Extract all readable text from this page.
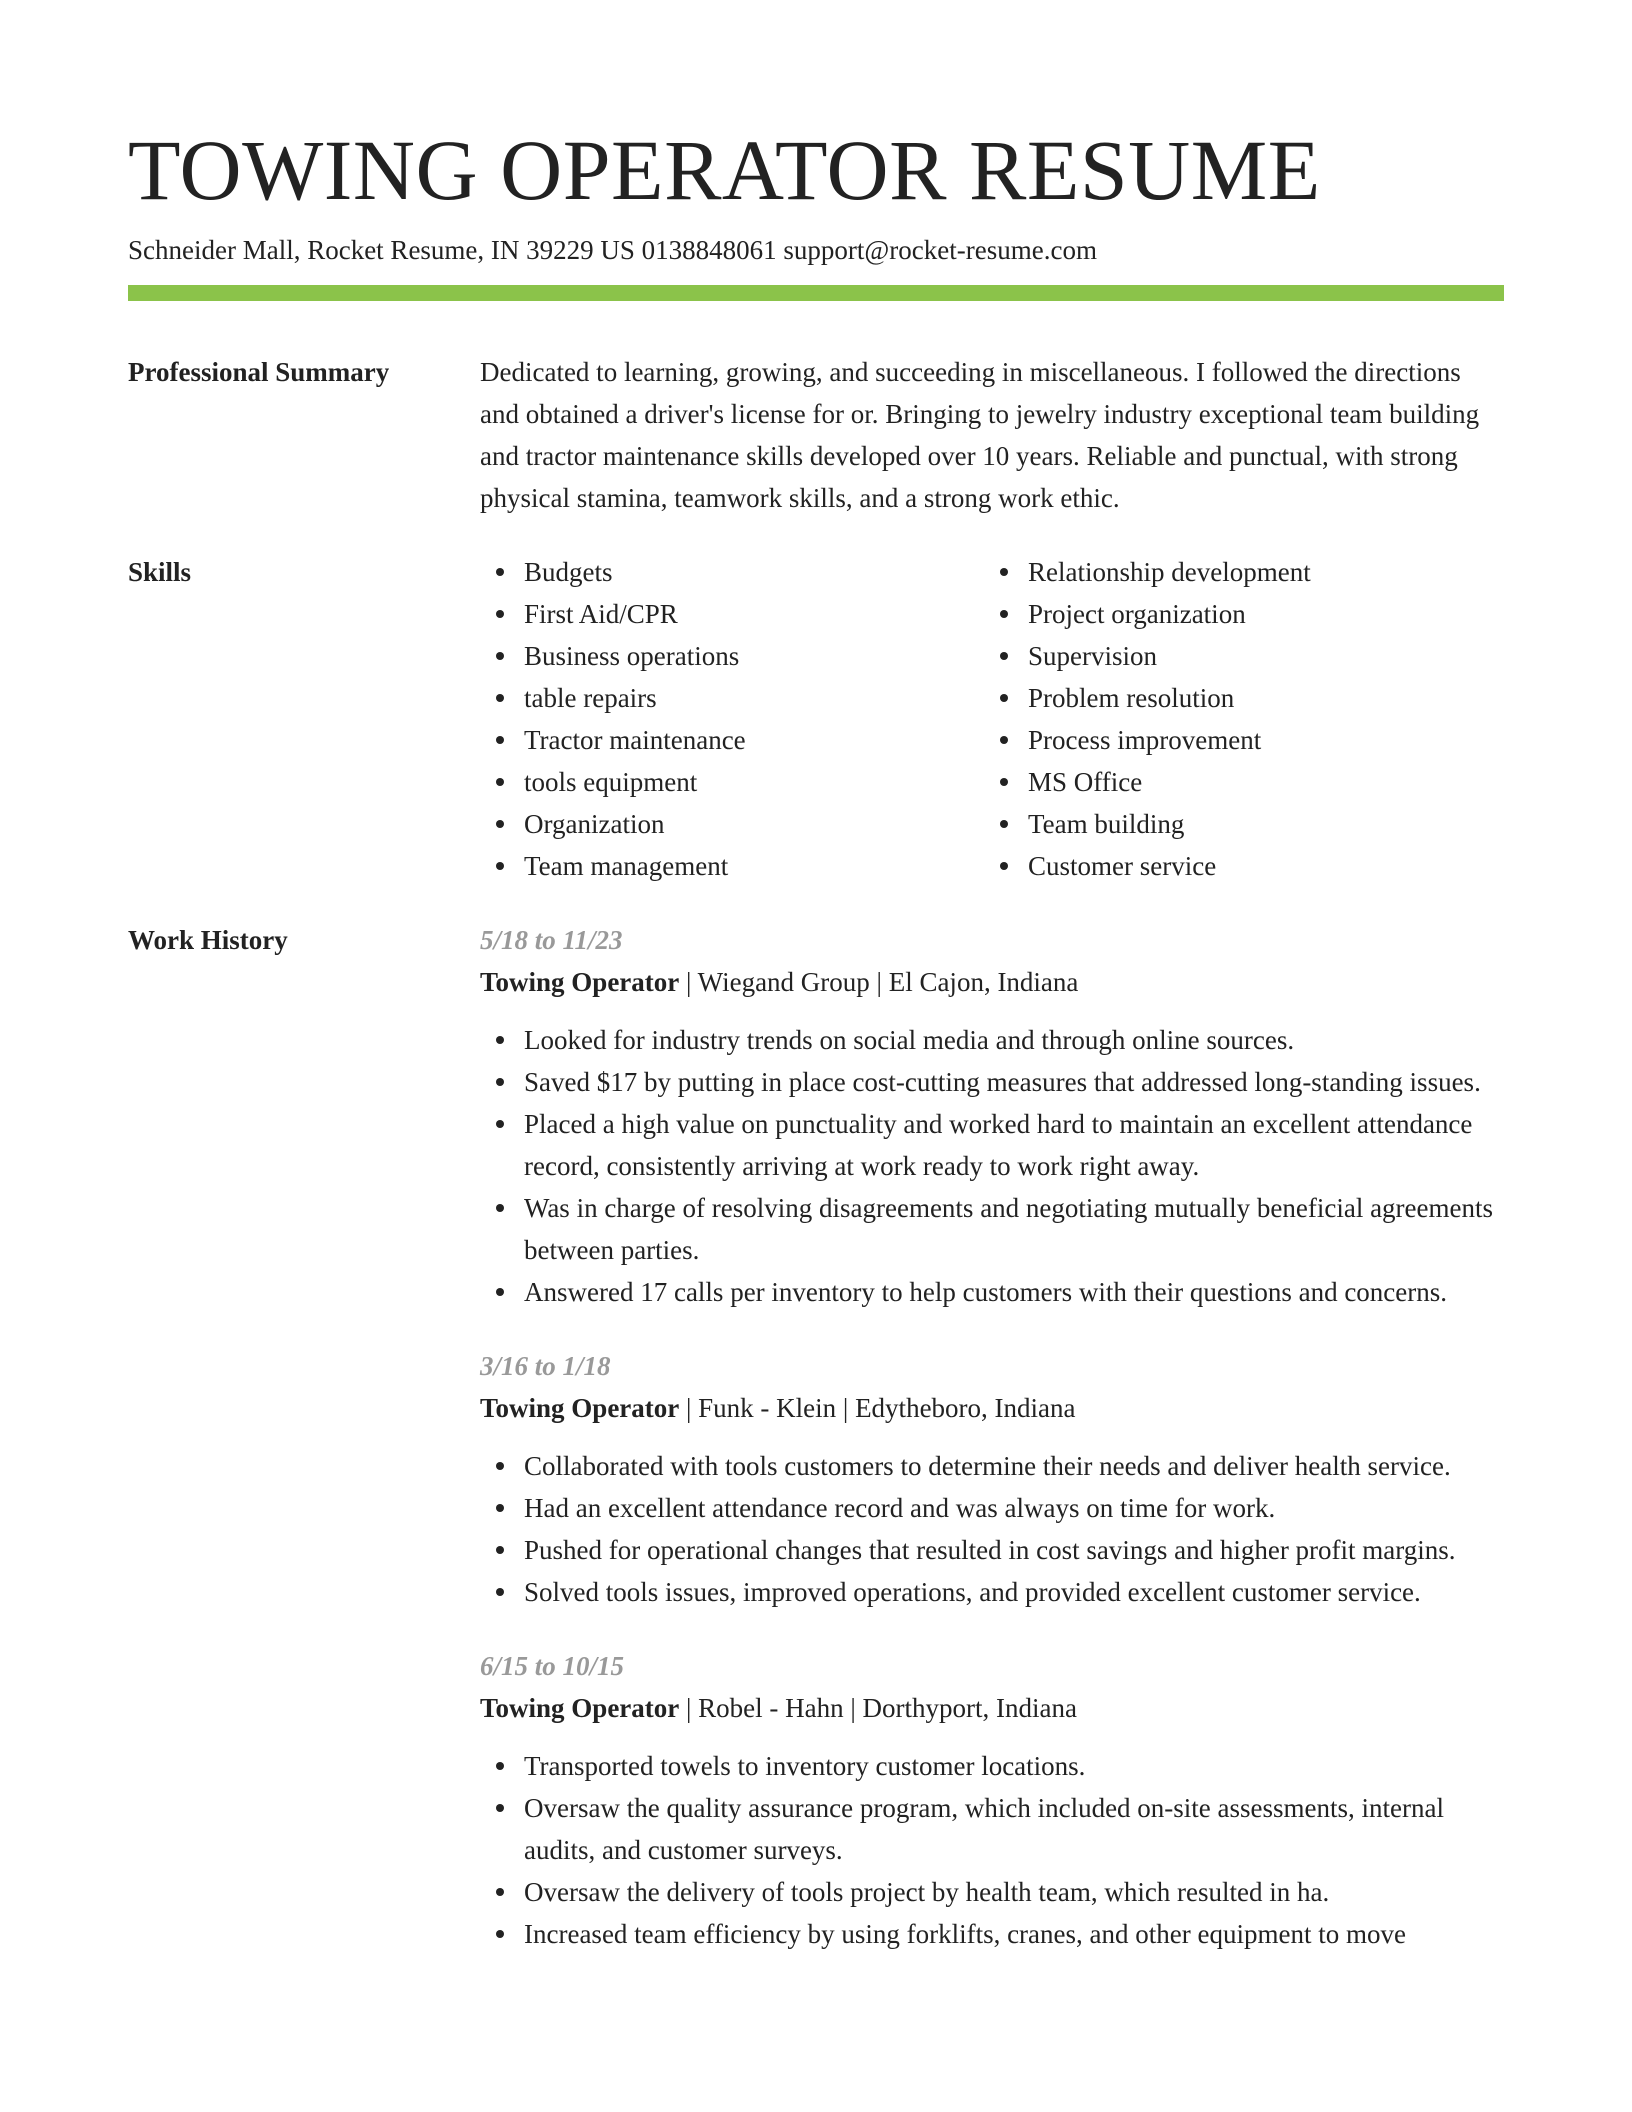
TOWING OPERATOR RESUME
Schneider Mall, Rocket Resume, IN 39229 US 0138848061 support@rocket-resume.com
Professional Summary	Dedicated to learning, growing, and succeeding in miscellaneous. I followed the directions and obtained a driver's license for or. Bringing to jewelry industry exceptional team building and tractor maintenance skills developed over 10 years. Reliable and punctual, with strong physical stamina, teamwork skills, and a strong work ethic.
Skills	Budgets
First Aid/CPR
Business operations
table repairs
Tractor maintenance
tools equipment
Organization
Team management
Relationship development
Project organization
Supervision
Problem resolution
Process improvement
MS Office
Team building
Customer service
Work History	5/18 to 11/23
Towing Operator | Wiegand Group | El Cajon, Indiana
Looked for industry trends on social media and through online sources.
Saved $17 by putting in place cost-cutting measures that addressed long-standing issues.
Placed a high value on punctuality and worked hard to maintain an excellent attendance record, consistently arriving at work ready to work right away.
Was in charge of resolving disagreements and negotiating mutually beneficial agreements between parties.
Answered 17 calls per inventory to help customers with their questions and concerns.
3/16 to 1/18
Towing Operator | Funk - Klein | Edytheboro, Indiana
Collaborated with tools customers to determine their needs and deliver health service.
Had an excellent attendance record and was always on time for work.
Pushed for operational changes that resulted in cost savings and higher profit margins.
Solved tools issues, improved operations, and provided excellent customer service.
6/15 to 10/15
Towing Operator | Robel - Hahn | Dorthyport, Indiana
Transported towels to inventory customer locations.
Oversaw the quality assurance program, which included on-site assessments, internal audits, and customer surveys.
Oversaw the delivery of tools project by health team, which resulted in ha.
Increased team efficiency by using forklifts, cranes, and other equipment to move
